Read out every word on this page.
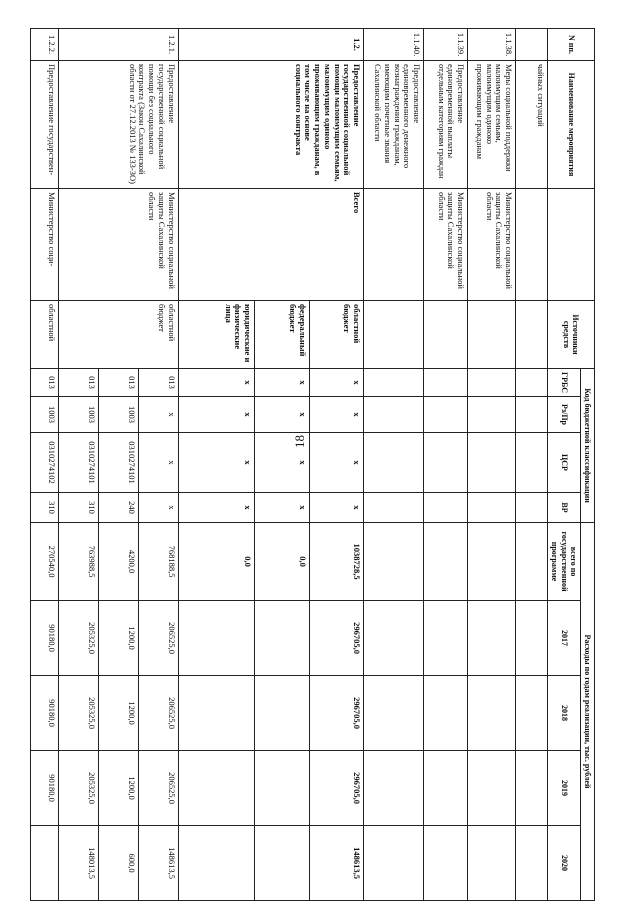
18
N пп.	Наименование мероприятия		Источники средств	Код бюджетной классификации				Расходы по годам реализации, тыс. рублей				
				ГРБС	Рз/Пр	ЦСР	ВР	всего по государственной программе	2017	2018	2019	2020
	чайных ситуаций											
1.1.38.	Меры социальной поддержки малоимущим семьям, малоимущим одиноко проживающим гражданам	Министерство социальной защиты Сахалинской области										
1.1.39.	Предоставление единовременной выплаты отдельным категориям граждан	Министерство социальной защиты Сахалинской области										
1.1.40.	Предоставление единовременного денежного вознаграждения гражданам, имеющим почетные звания Сахалинской области											
1.2.	Предоставление государственной социальной помощи малоимущим семьям, малоимущим одиноко проживающим гражданам, в том числе на основе социального контракта	Всего	областной бюджет	х	х	х	х	1038728,5	296705,0	296705,0	296705,0	148613,5
			федеральный бюджет	х	х	х	х	0,0				
			юридические и физические лица	х	х	х	х	0,0				
1.2.1.	Предоставление государственной социальной помощи без социального контракта (Закон Сахалинской области от 27.12.2013 № 133-ЗО)	Министерство социальной защиты Сахалинской области	областной бюджет	013	х	х	х	768188,5	206525,0	206525,0	206525,0	148613,5
				013	1003	0310274101	240	4200,0	1200,0	1200,0	1200,0	600,0
				013	1003	0310274101	310	763988,5	205325,0	205325,0	205325,0	148013,5
1.2.2.	Предоставление государствен-	Министерство соци-	областной	013	1003	0310274102	310	270540,0	90180,0	90180,0	90180,0	
